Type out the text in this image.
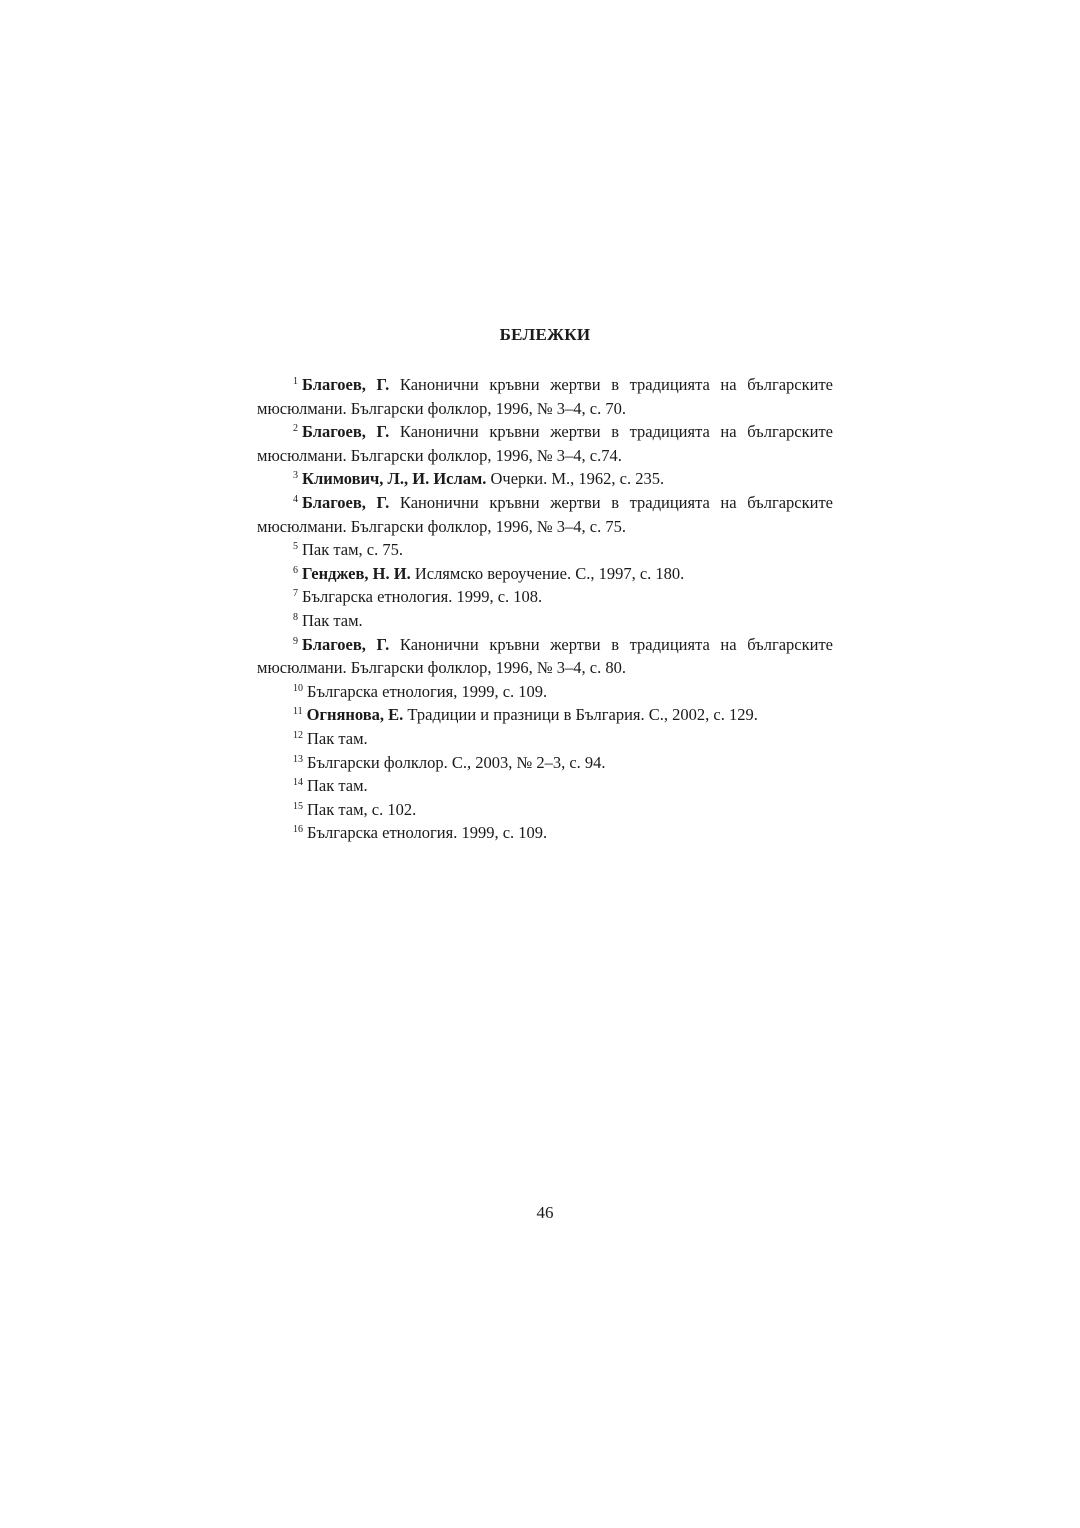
БЕЛЕЖКИ

$^1$ Благоев, Г. Канонични кръвни жертви в традицията на българските мюсюлмани. Български фолклор, 1996, № 3–4, с. 70.

$^2$ Благоев, Г. Канонични кръвни жертви в традицията на българските мюсюлмани. Български фолклор, 1996, № 3–4, с.74.

$^3$ Климович, Л., И. Ислам. Очерки. М., 1962, с. 235.

$^4$ Благоев, Г. Канонични кръвни жертви в традицията на българските мюсюлмани. Български фолклор, 1996, № 3–4, с. 75.

$^5$ Пак там, с. 75.

$^6$ Генджев, Н. И. Ислямско вероучение. С., 1997, с. 180.

$^7$ Българска етнология. 1999, с. 108.

$^8$ Пак там.

$^9$ Благоев, Г. Канонични кръвни жертви в традицията на българските мюсюлмани. Български фолклор, 1996, № 3–4, с. 80.

$^{10}$ Българска етнология, 1999, с. 109.

$^{11}$ Огнянова, Е. Традиции и празници в България. С., 2002, с. 129.

$^{12}$ Пак там.

$^{13}$ Български фолклор. С., 2003, № 2–3, с. 94.

$^{14}$ Пак там.

$^{15}$ Пак там, с. 102.

$^{16}$ Българска етнология. 1999, с. 109.

46
